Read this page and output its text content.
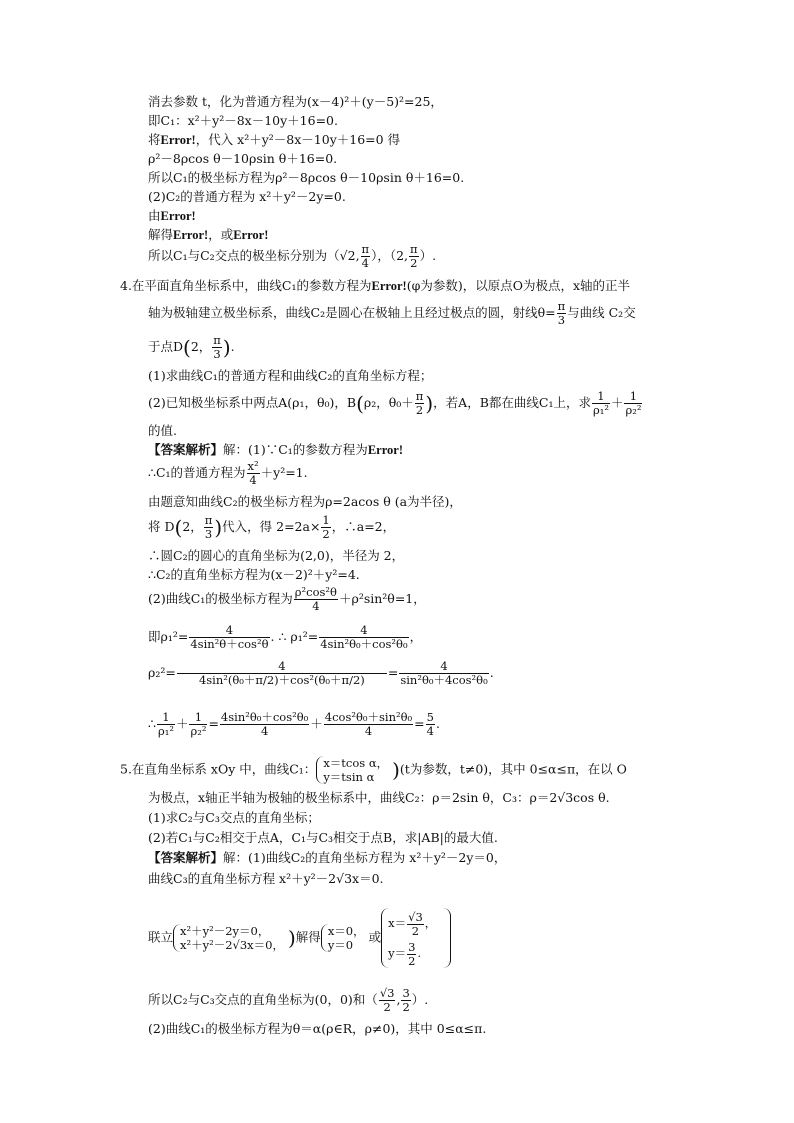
消去参数 t，化为普通方程为(x－4)²＋(y－5)²=25，
即C₁：x²＋y²－8x－10y＋16=0.
将Error!，代入 x²＋y²－8x－10y＋16=0 得
ρ²－8ρcos θ－10ρsin θ＋16=0.
所以C₁的极坐标方程为ρ²－8ρcos θ－10ρsin θ＋16=0.
(2)C₂的普通方程为 x²＋y²－2y=0.
由Error!
解得Error!，或Error!
所以C₁与C₂交点的极坐标分别为（√2, $\frac{\pi}{4}$ ），（2, $\frac{\pi}{2}$ ）.
4.在平面直角坐标系中，曲线C₁的参数方程为Error!(φ为参数)，以原点O为极点，x轴的正半
轴为极轴建立极坐标系，曲线C₂是圆心在极轴上且经过极点的圆，射线$\theta= \frac{\pi}{3}$ 与曲线 C₂交
于点D(2， $\frac{\pi}{3}$ ).
(1)求曲线C₁的普通方程和曲线C₂的直角坐标方程；
(2)已知极坐标系中两点A(ρ₁，θ₀)，B(ρ₂，$\theta_0+ \frac{\pi}{2}$ )，若A，B都在曲线C₁上，求 $\frac{1}{\text{ρ₁²}} + \frac{1}{\text{ρ₂²}}$
的值.
【答案解析】解：(1)∵C₁的参数方程为Error!
∴C₁的普通方程为 $\frac{\text{x²}}{4} +y^2=1$.
由题意知曲线C₂的极坐标方程为ρ=2acos θ (a为半径)，
将 D(2， $\frac{\pi}{3}$ )代入，得 $2=2a\times \frac{1}{2}$ ，∴a=2，
∴圆C₂的圆心的直角坐标为(2,0)，半径为 2，
∴C₂的直角坐标方程为(x－2)²＋y²=4.
(2)曲线C₁的极坐标方程为 $\frac{\text{ρ²cos²θ}}{4} +\rho^2\sin^2\theta=1$，
即$\rho_1^2= \frac{4}{\text{4sin²θ＋cos²θ}}$ . ∴ $\rho_1^2= \frac{4}{\text{4sin²θ₀＋cos²θ₀}}$ ，
$\rho_2^2= \frac{4}{\text{4sin²(θ₀＋π/2)＋cos²(θ₀＋π/2)}} = \frac{4}{\text{sin²θ₀＋4cos²θ₀}}$ .
∴ $\frac{1}{\text{ρ₁²}} + \frac{1}{\text{ρ₂²}} = \frac{\text{4sin²θ₀＋cos²θ₀}}{4} + \frac{\text{4cos²θ₀＋sin²θ₀}}{4} = \frac{5}{4}$ .
5.在直角坐标系 xOy 中，曲线C₁： x＝tcos α，
y＝tsin α )(t为参数，t≠0)，其中 0≤α≤π，在以 O
为极点，x轴正半轴为极轴的极坐标系中，曲线C₂：ρ＝2sin θ，C₃：ρ＝2√3cos θ.
(1)求C₂与C₃交点的直角坐标；
(2)若C₁与C₂相交于点A，C₁与C₃相交于点B，求|AB|的最大值.
【答案解析】解：(1)曲线C₂的直角坐标方程为 x²＋y²－2y＝0，
曲线C₃的直角坐标方程 x²＋y²－2√3x＝0.
联立 x²＋y²－2y＝0，
x²＋y²－2√3x＝0， )解得 x＝0，
y＝0
或
$x= \frac{√3}{2}$ ，
$y= \frac{3}{2}$ .
所以C₂与C₃交点的直角坐标为(0，0)和（ $\frac{√3}{2}$ , $\frac{3}{2}$ ）.
(2)曲线C₁的极坐标方程为θ＝α(ρ∈R，ρ≠0)，其中 0≤α≤π.
